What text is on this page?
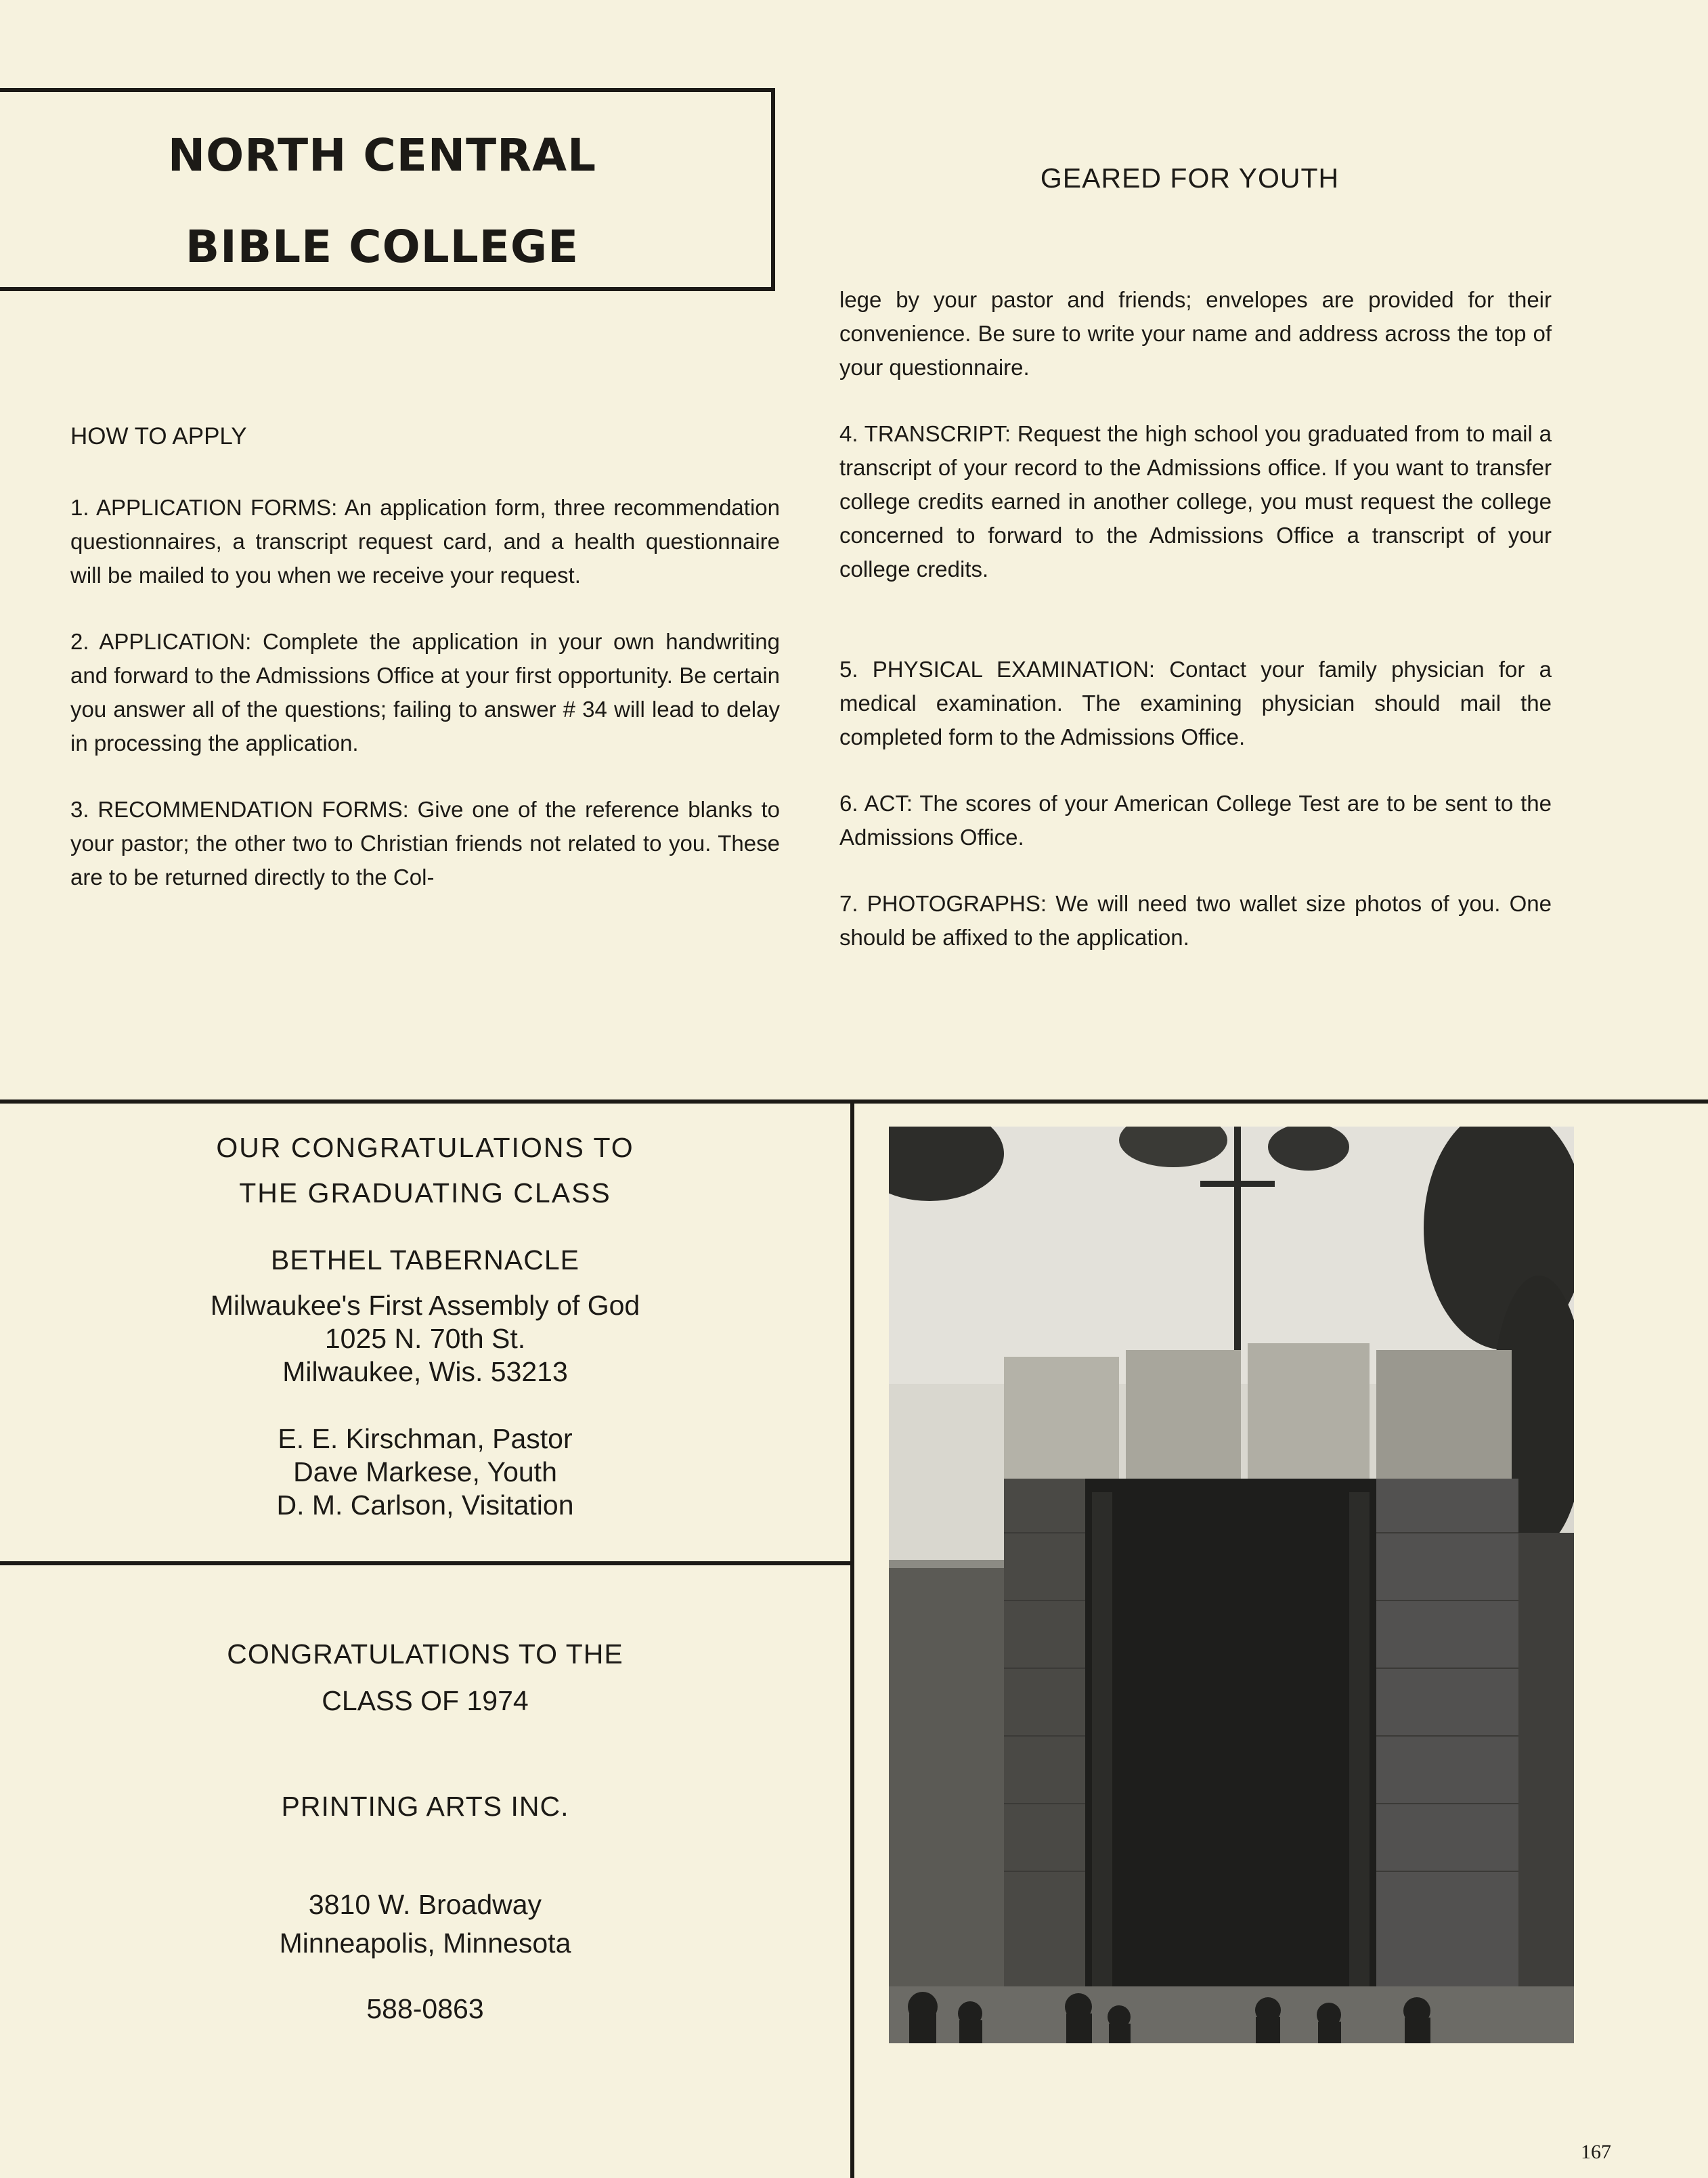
NORTH CENTRAL
BIBLE COLLEGE
GEARED FOR YOUTH
HOW TO APPLY

1. APPLICATION FORMS: An application form, three recommendation questionnaires, a transcript request card, and a health questionnaire will be mailed to you when we receive your request.

2. APPLICATION: Complete the application in your own handwriting and forward to the Admissions Office at your first opportunity. Be certain you answer all of the questions; failing to answer # 34 will lead to delay in processing the application.

3. RECOMMENDATION FORMS: Give one of the reference blanks to your pastor; the other two to Christian friends not related to you. These are to be returned directly to the Col-

lege by your pastor and friends; envelopes are provided for their convenience. Be sure to write your name and address across the top of your questionnaire.

4. TRANSCRIPT: Request the high school you graduated from to mail a transcript of your record to the Admissions office. If you want to transfer college credits earned in another college, you must request the college concerned to forward to the Admissions Office a transcript of your college credits.

5. PHYSICAL EXAMINATION: Contact your family physician for a medical examination. The examining physician should mail the completed form to the Admissions Office.

6. ACT: The scores of your American College Test are to be sent to the Admissions Office.

7. PHOTOGRAPHS: We will need two wallet size photos of you. One should be affixed to the application.

OUR CONGRATULATIONS TO
THE GRADUATING CLASS
BETHEL TABERNACLE
Milwaukee's First Assembly of God
1025 N. 70th St.
Milwaukee, Wis. 53213
E. E. Kirschman, Pastor
Dave Markese, Youth
D. M. Carlson, Visitation
CONGRATULATIONS TO THE
CLASS OF 1974
PRINTING ARTS INC.
3810 W. Broadway
Minneapolis, Minnesota
588-0863
167
